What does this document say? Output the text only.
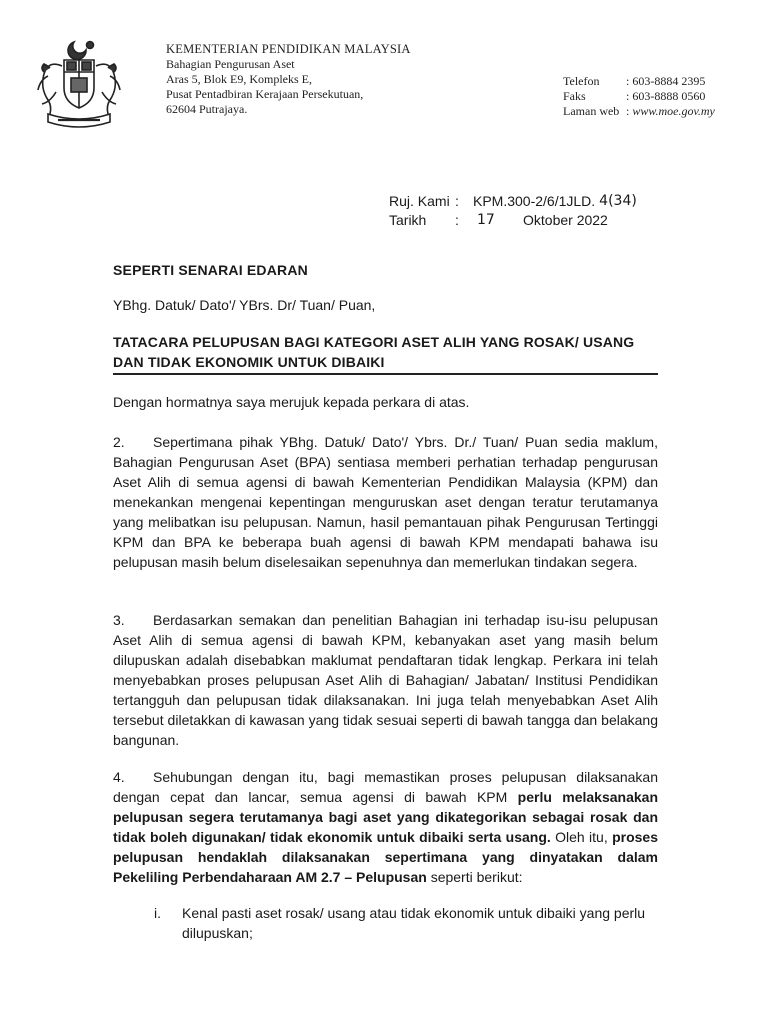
KEMENTERIAN PENDIDIKAN MALAYSIA
Bahagian Pengurusan Aset
Aras 5, Blok E9, Kompleks E,
Pusat Pentadbiran Kerajaan Persekutuan,
62604 Putrajaya.
Telefon	: 603-8884 2395
Faks	: 603-8888 0560
Laman web : www.moe.gov.my
Ruj. Kami :	KPM.300-2/6/1JLD. 4(34)
Tarikh	:	17	Oktober 2022
SEPERTI SENARAI EDARAN
YBhg. Datuk/ Dato'/ YBrs. Dr/ Tuan/ Puan,
TATACARA PELUPUSAN BAGI KATEGORI ASET ALIH YANG ROSAK/ USANG DAN TIDAK EKONOMIK UNTUK DIBAIKI
Dengan hormatnya saya merujuk kepada perkara di atas.
2. Sepertimana pihak YBhg. Datuk/ Dato'/ Ybrs. Dr./ Tuan/ Puan sedia maklum, Bahagian Pengurusan Aset (BPA) sentiasa memberi perhatian terhadap pengurusan Aset Alih di semua agensi di bawah Kementerian Pendidikan Malaysia (KPM) dan menekankan mengenai kepentingan menguruskan aset dengan teratur terutamanya yang melibatkan isu pelupusan. Namun, hasil pemantauan pihak Pengurusan Tertinggi KPM dan BPA ke beberapa buah agensi di bawah KPM mendapati bahawa isu pelupusan masih belum diselesaikan sepenuhnya dan memerlukan tindakan segera.
3. Berdasarkan semakan dan penelitian Bahagian ini terhadap isu-isu pelupusan Aset Alih di semua agensi di bawah KPM, kebanyakan aset yang masih belum dilupuskan adalah disebabkan maklumat pendaftaran tidak lengkap. Perkara ini telah menyebabkan proses pelupusan Aset Alih di Bahagian/ Jabatan/ Institusi Pendidikan tertangguh dan pelupusan tidak dilaksanakan. Ini juga telah menyebabkan Aset Alih tersebut diletakkan di kawasan yang tidak sesuai seperti di bawah tangga dan belakang bangunan.
4. Sehubungan dengan itu, bagi memastikan proses pelupusan dilaksanakan dengan cepat dan lancar, semua agensi di bawah KPM perlu melaksanakan pelupusan segera terutamanya bagi aset yang dikategorikan sebagai rosak dan tidak boleh digunakan/ tidak ekonomik untuk dibaiki serta usang. Oleh itu, proses pelupusan hendaklah dilaksanakan sepertimana yang dinyatakan dalam Pekeliling Perbendaharaan AM 2.7 – Pelupusan seperti berikut:
i.	Kenal pasti aset rosak/ usang atau tidak ekonomik untuk dibaiki yang perlu dilupuskan;
